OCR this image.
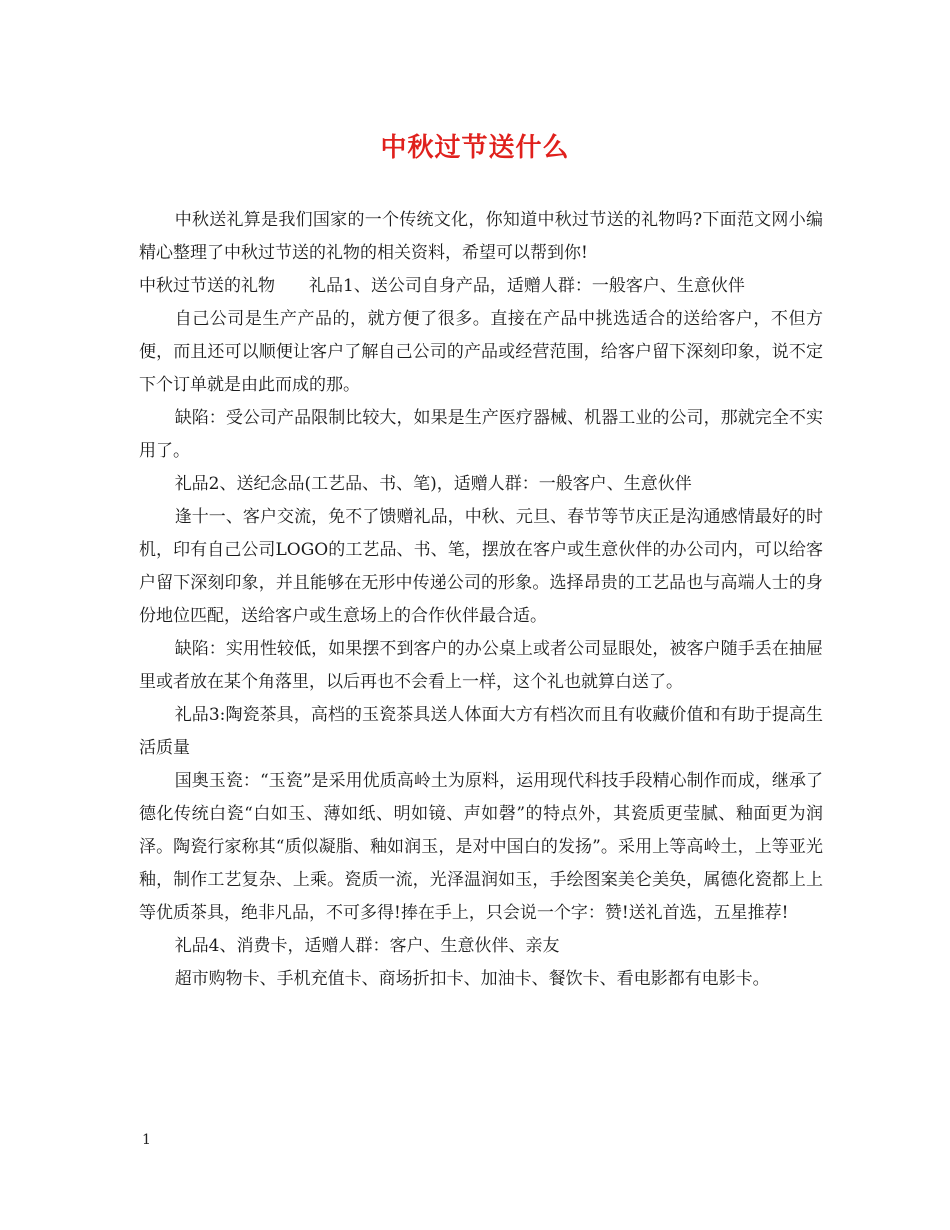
中秋过节送什么

中秋送礼算是我们国家的一个传统文化，你知道中秋过节送的礼物吗?下面范文网小编精心整理了中秋过节送的礼物的相关资料，希望可以帮到你!

中秋过节送的礼物　　礼品1、送公司自身产品，适赠人群：一般客户、生意伙伴

自己公司是生产产品的，就方便了很多。直接在产品中挑选适合的送给客户，不但方便，而且还可以顺便让客户了解自己公司的产品或经营范围，给客户留下深刻印象，说不定下个订单就是由此而成的那。

缺陷：受公司产品限制比较大，如果是生产医疗器械、机器工业的公司，那就完全不实用了。

礼品2、送纪念品(工艺品、书、笔)，适赠人群：一般客户、生意伙伴

逢十一、客户交流，免不了馈赠礼品，中秋、元旦、春节等节庆正是沟通感情最好的时机，印有自己公司LOGO的工艺品、书、笔，摆放在客户或生意伙伴的办公司内，可以给客户留下深刻印象，并且能够在无形中传递公司的形象。选择昂贵的工艺品也与高端人士的身份地位匹配，送给客户或生意场上的合作伙伴最合适。

缺陷：实用性较低，如果摆不到客户的办公桌上或者公司显眼处，被客户随手丢在抽屉里或者放在某个角落里，以后再也不会看上一样，这个礼也就算白送了。

礼品3:陶瓷茶具，高档的玉瓷茶具送人体面大方有档次而且有收藏价值和有助于提高生活质量

国奥玉瓷：“玉瓷”是采用优质高岭土为原料，运用现代科技手段精心制作而成，继承了德化传统白瓷“白如玉、薄如纸、明如镜、声如磬”的特点外，其瓷质更莹腻、釉面更为润泽。陶瓷行家称其“质似凝脂、釉如润玉，是对中国白的发扬”。采用上等高岭土，上等亚光釉，制作工艺复杂、上乘。瓷质一流，光泽温润如玉，手绘图案美仑美奂，属德化瓷都上上等优质茶具，绝非凡品，不可多得!捧在手上，只会说一个字：赞!送礼首选，五星推荐!

礼品4、消费卡，适赠人群：客户、生意伙伴、亲友

超市购物卡、手机充值卡、商场折扣卡、加油卡、餐饮卡、看电影都有电影卡。

1
